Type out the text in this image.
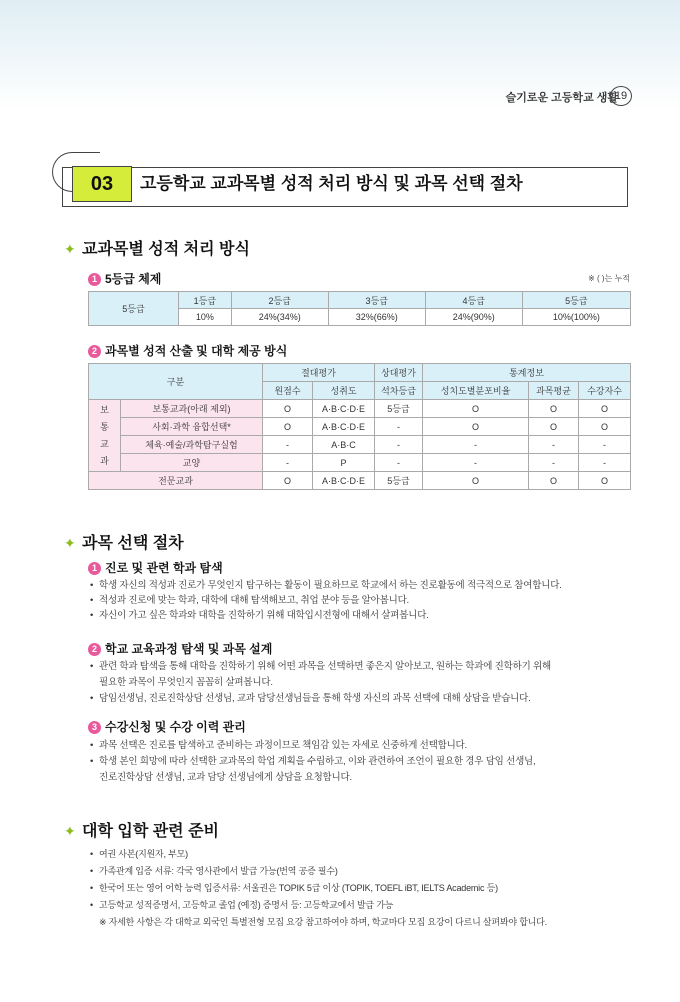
슬기로운 고등학교 생활
19
03	고등학교 교과목별 성적 처리 방식 및 과목 선택 절차
✦ 교과목별 성적 처리 방식
1 5등급 체제	※ ( )는 누적
5등급	1등급	2등급	3등급	4등급	5등급
	10%	24%(34%)	32%(66%)	24%(90%)	10%(100%)
2 과목별 성적 산출 및 대학 제공 방식
구분		절대평가		상대평가	통계정보		
		원점수	성취도	석차등급	성치도별분포비율	과목평균	수강자수
보
통
교
과	보통교과(아래 제외)	O	A·B·C·D·E	5등급	O	O	O
	사회·과학 융합선택*	O	A·B·C·D·E	-	O	O	O
	체육·예술/과학탐구실험	-	A·B·C	-	-	-	-
	교양	-	P	-	-	-	-
전문교과		O	A·B·C·D·E	5등급	O	O	O
✦ 과목 선택 절차
1 진로 및 관련 학과 탐색
• 학생 자신의 적성과 진로가 무엇인지 탐구하는 활동이 필요하므로 학교에서 하는 진로활동에 적극적으로 참여합니다.
• 적성과 진로에 맞는 학과, 대학에 대해 탐색해보고, 취업 분야 등을 알아봅니다.
• 자신이 가고 싶은 학과와 대학을 진학하기 위해 대학입시전형에 대해서 살펴봅니다.
2 학교 교육과정 탐색 및 과목 설계
• 관련 학과 탐색을 통해 대학을 진학하기 위해 어떤 과목을 선택하면 좋은지 알아보고, 원하는 학과에 진학하기 위해
필요한 과목이 무엇인지 꼼꼼히 살펴봅니다.
• 담임선생님, 진로진학상담 선생님, 교과 담당선생님들을 통해 학생 자신의 과목 선택에 대해 상담을 받습니다.
3 수강신청 및 수강 이력 관리
• 과목 선택은 진로를 탐색하고 준비하는 과정이므로 책임감 있는 자세로 신중하게 선택합니다.
• 학생 본인 희망에 따라 선택한 교과목의 학업 계획을 수립하고, 이와 관련하여 조언이 필요한 경우 담임 선생님,
진로진학상담 선생님, 교과 담당 선생님에게 상담을 요청합니다.
✦ 대학 입학 관련 준비
• 여권 사본(지원자, 부모)
• 가족관계 입증 서류: 각국 영사관에서 발급 가능(번역 공증 필수)
• 한국어 또는 영어 어학 능력 입증서류: 서울권은 TOPIK 5급 이상 (TOPIK, TOEFL iBT, IELTS Academic 등)
• 고등학교 성적증명서, 고등학교 졸업 (예정) 증명서 등: 고등학교에서 발급 가능
※ 자세한 사항은 각 대학교 외국인 특별전형 모집 요강 참고하여야 하며, 학교마다 모집 요강이 다르니 살펴봐야 합니다.
